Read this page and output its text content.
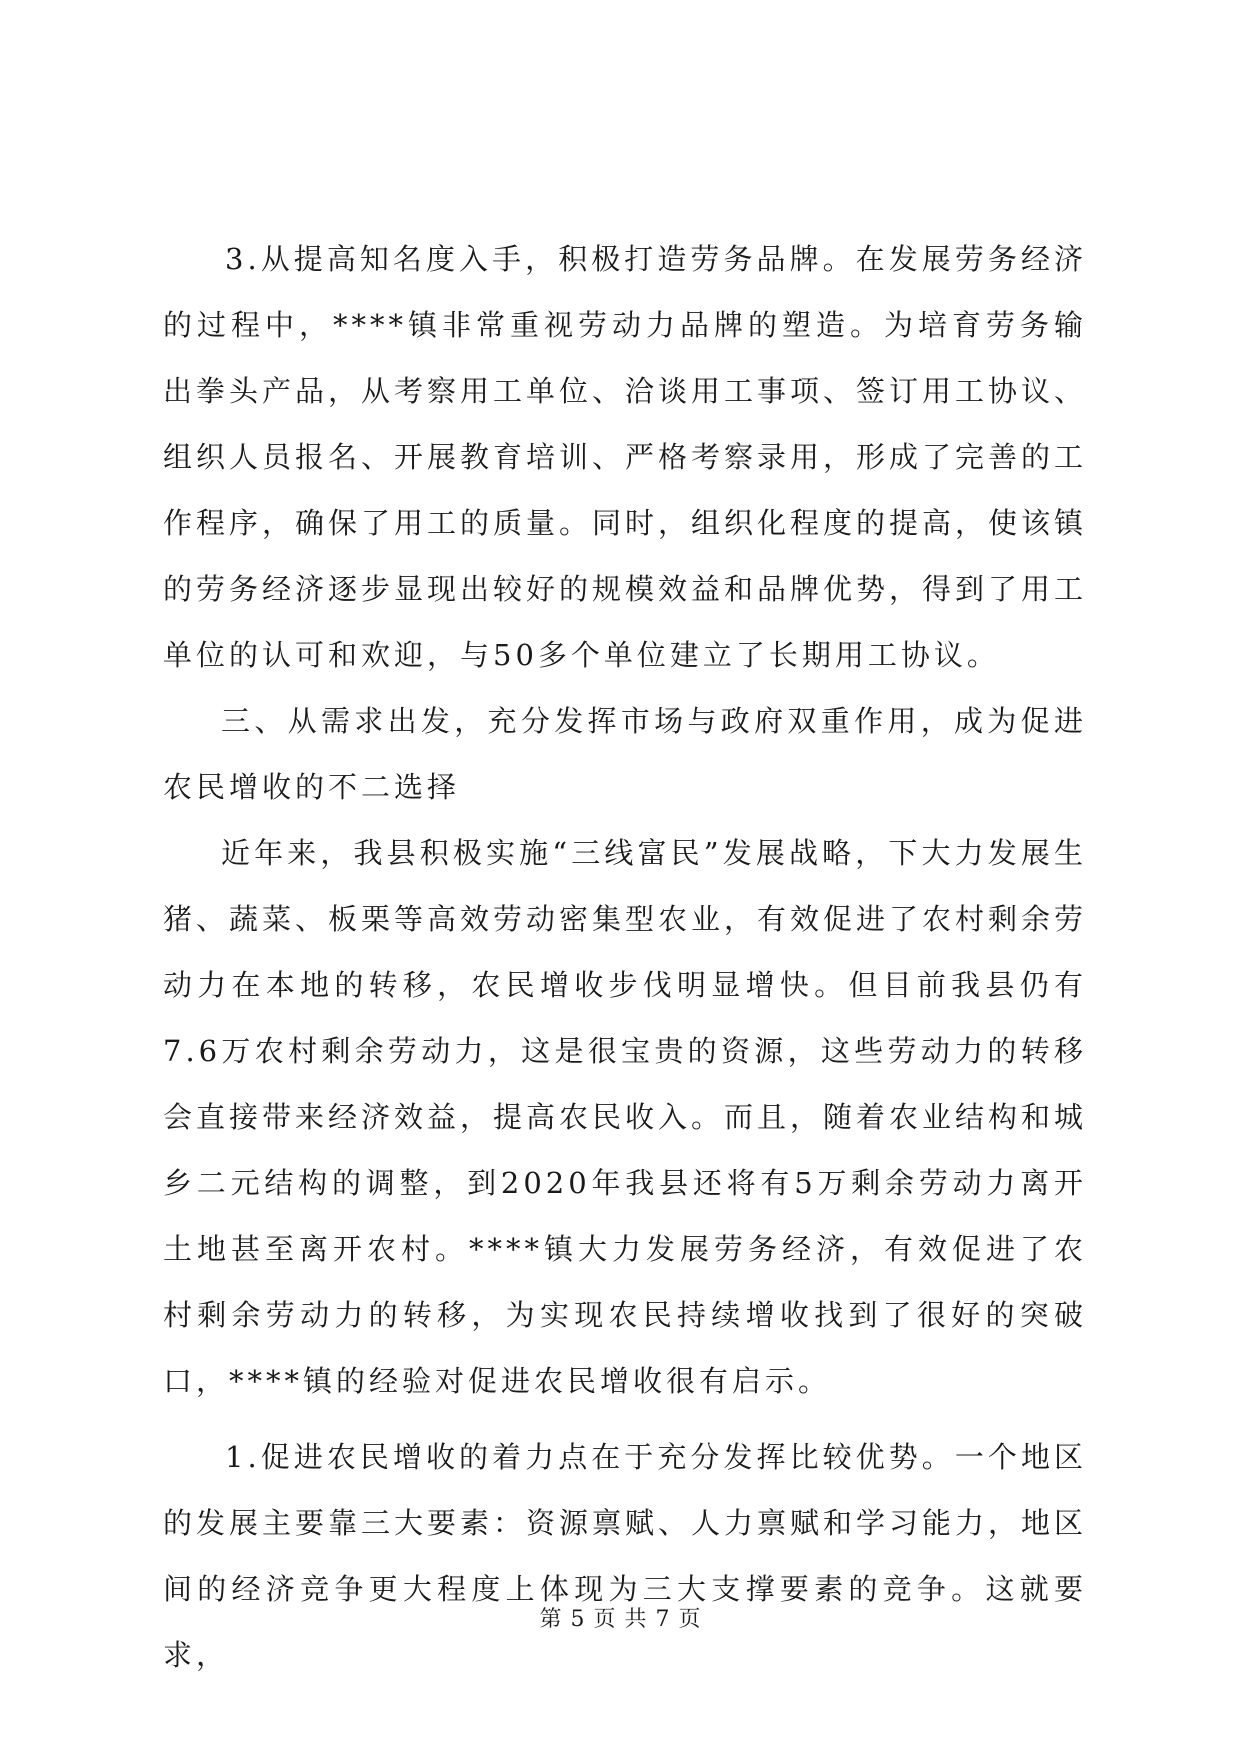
3.从提高知名度入手，积极打造劳务品牌。在发展劳务经济的过程中，****镇非常重视劳动力品牌的塑造。为培育劳务输出拳头产品，从考察用工单位、洽谈用工事项、签订用工协议、组织人员报名、开展教育培训、严格考察录用，形成了完善的工作程序，确保了用工的质量。同时，组织化程度的提高，使该镇的劳务经济逐步显现出较好的规模效益和品牌优势，得到了用工单位的认可和欢迎，与50多个单位建立了长期用工协议。

三、从需求出发，充分发挥市场与政府双重作用，成为促进农民增收的不二选择

近年来，我县积极实施“三线富民”发展战略，下大力发展生猪、蔬菜、板栗等高效劳动密集型农业，有效促进了农村剩余劳动力在本地的转移，农民增收步伐明显增快。但目前我县仍有7.6万农村剩余劳动力，这是很宝贵的资源，这些劳动力的转移会直接带来经济效益，提高农民收入。而且，随着农业结构和城乡二元结构的调整，到2020年我县还将有5万剩余劳动力离开土地甚至离开农村。****镇大力发展劳务经济，有效促进了农村剩余劳动力的转移，为实现农民持续增收找到了很好的突破口，****镇的经验对促进农民增收很有启示。

1.促进农民增收的着力点在于充分发挥比较优势。一个地区的发展主要靠三大要素：资源禀赋、人力禀赋和学习能力，地区间的经济竞争更大程度上体现为三大支撑要素的竞争。这就要求，

第 5 页 共 7 页
